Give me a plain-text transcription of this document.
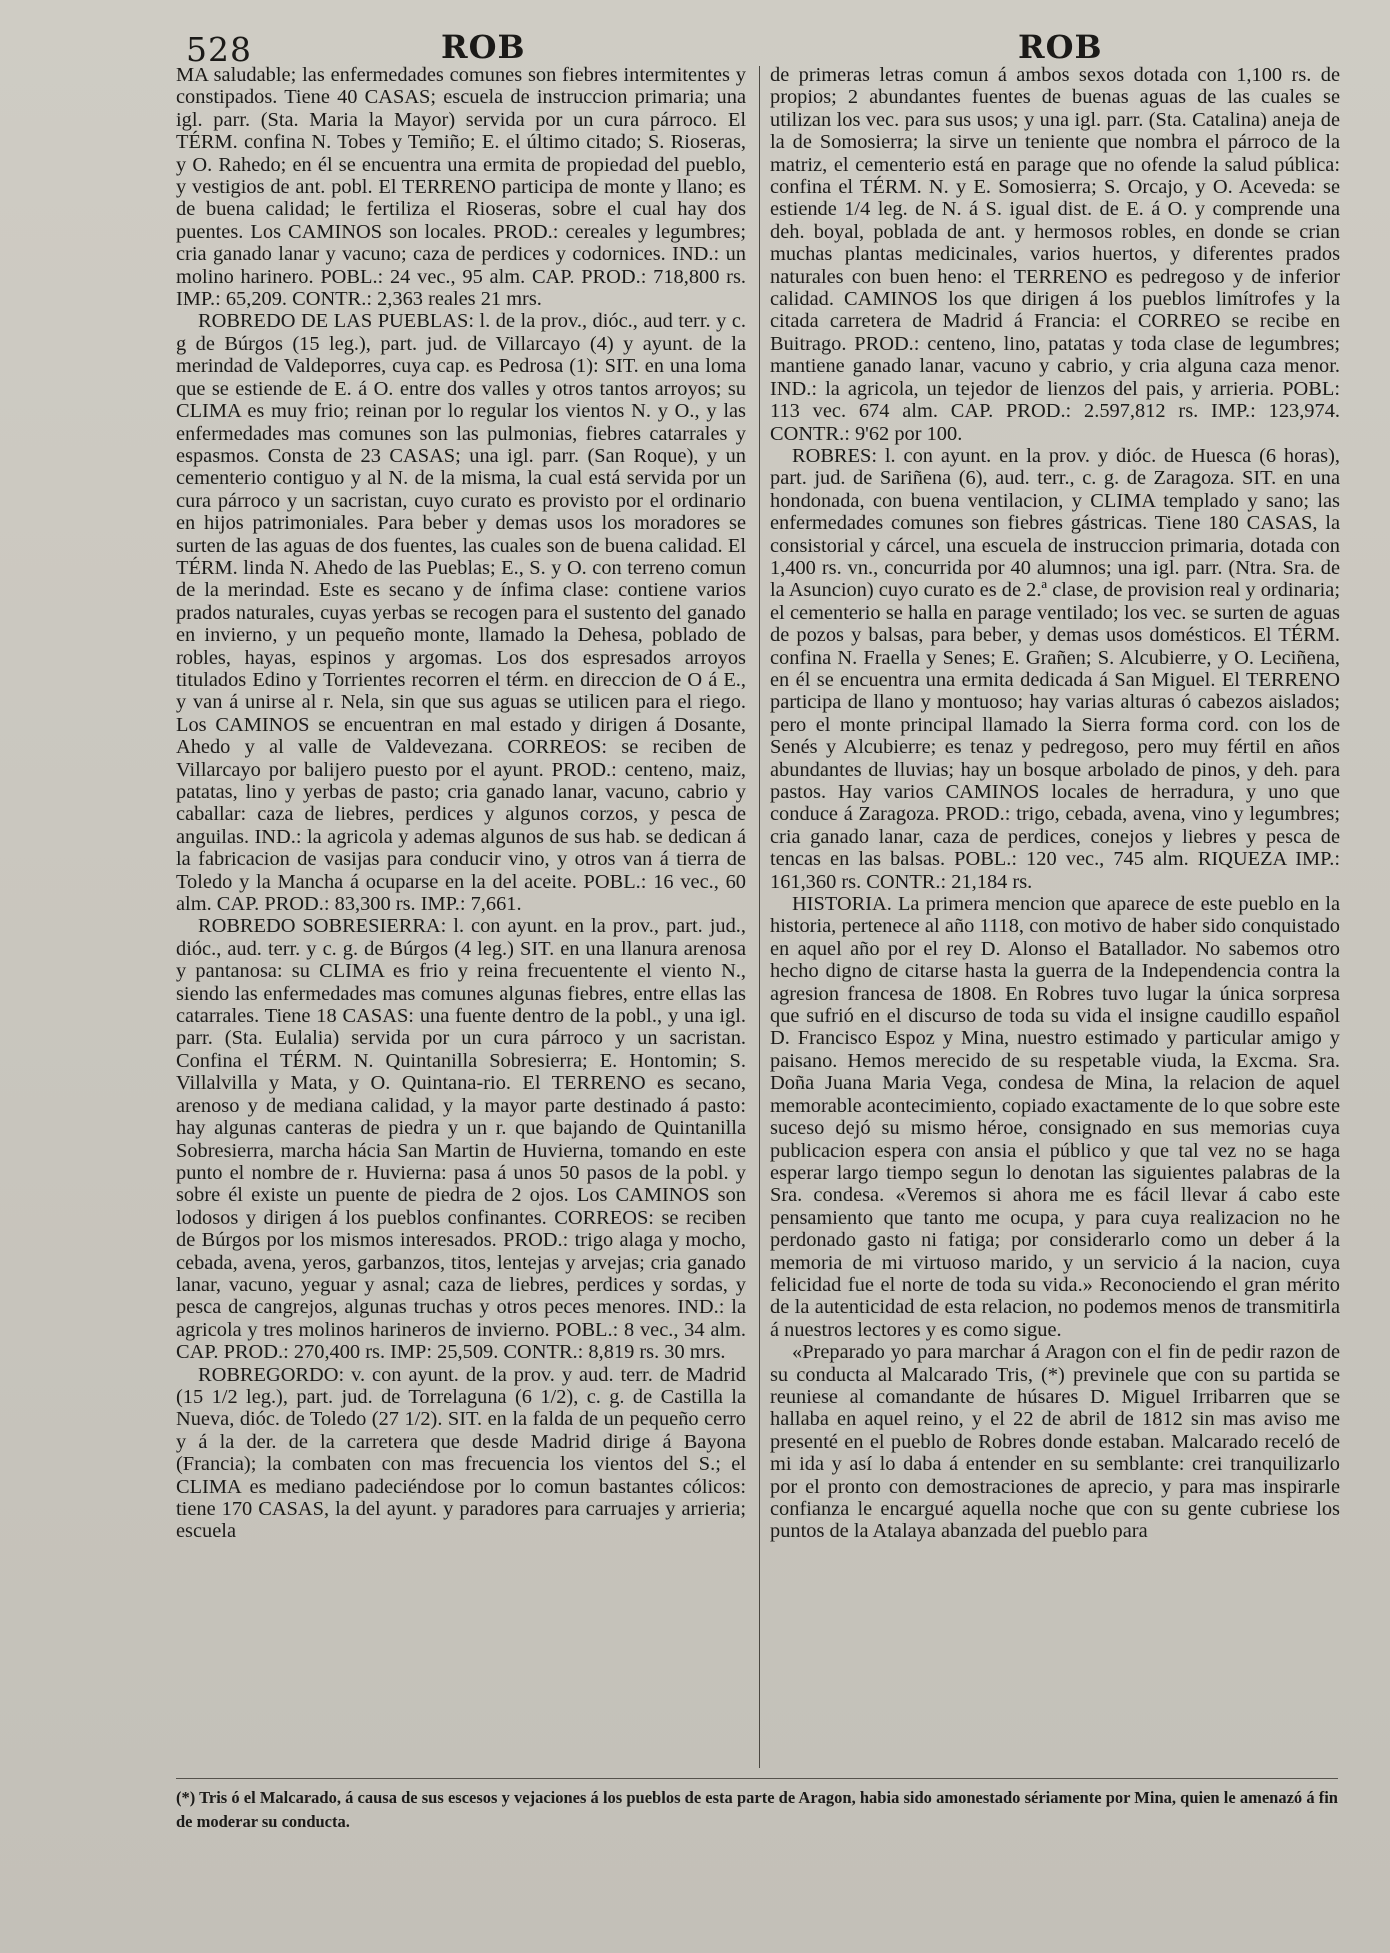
528	ROB	ROB

MA saludable; las enfermedades comunes son fiebres intermitentes y constipados. Tiene 40 CASAS; escuela de instruccion primaria; una igl. parr. (Sta. Maria la Mayor) servida por un cura párroco. El TÉRM. confina N. Tobes y Temiño; E. el último citado; S. Rioseras, y O. Rahedo; en él se encuentra una ermita de propiedad del pueblo, y vestigios de ant. pobl. El TERRENO participa de monte y llano; es de buena calidad; le fertiliza el Rioseras, sobre el cual hay dos puentes. Los CAMINOS son locales. PROD.: cereales y legumbres; cria ganado lanar y vacuno; caza de perdices y codornices. IND.: un molino harinero. POBL.: 24 vec., 95 alm. CAP. PROD.: 718,800 rs. IMP.: 65,209. CONTR.: 2,363 reales 21 mrs.

ROBREDO DE LAS PUEBLAS: l. de la prov., dióc., aud terr. y c. g de Búrgos (15 leg.), part. jud. de Villarcayo (4) y ayunt. de la merindad de Valdeporres, cuya cap. es Pedrosa (1): SIT. en una loma que se estiende de E. á O. entre dos valles y otros tantos arroyos; su CLIMA es muy frio; reinan por lo regular los vientos N. y O., y las enfermedades mas comunes son las pulmonias, fiebres catarrales y espasmos. Consta de 23 CASAS; una igl. parr. (San Roque), y un cementerio contiguo y al N. de la misma, la cual está servida por un cura párroco y un sacristan, cuyo curato es provisto por el ordinario en hijos patrimoniales. Para beber y demas usos los moradores se surten de las aguas de dos fuentes, las cuales son de buena calidad. El TÉRM. linda N. Ahedo de las Pueblas; E., S. y O. con terreno comun de la merindad. Este es secano y de ínfima clase: contiene varios prados naturales, cuyas yerbas se recogen para el sustento del ganado en invierno, y un pequeño monte, llamado la Dehesa, poblado de robles, hayas, espinos y argomas. Los dos espresados arroyos titulados Edino y Torrientes recorren el térm. en direccion de O á E., y van á unirse al r. Nela, sin que sus aguas se utilicen para el riego. Los CAMINOS se encuentran en mal estado y dirigen á Dosante, Ahedo y al valle de Valdevezana. CORREOS: se reciben de Villarcayo por balijero puesto por el ayunt. PROD.: centeno, maiz, patatas, lino y yerbas de pasto; cria ganado lanar, vacuno, cabrio y caballar: caza de liebres, perdices y algunos corzos, y pesca de anguilas. IND.: la agricola y ademas algunos de sus hab. se dedican á la fabricacion de vasijas para conducir vino, y otros van á tierra de Toledo y la Mancha á ocuparse en la del aceite. POBL.: 16 vec., 60 alm. CAP. PROD.: 83,300 rs. IMP.: 7,661.

ROBREDO SOBRESIERRA: l. con ayunt. en la prov., part. jud., dióc., aud. terr. y c. g. de Búrgos (4 leg.) SIT. en una llanura arenosa y pantanosa: su CLIMA es frio y reina frecuentente el viento N., siendo las enfermedades mas comunes algunas fiebres, entre ellas las catarrales. Tiene 18 CASAS: una fuente dentro de la pobl., y una igl. parr. (Sta. Eulalia) servida por un cura párroco y un sacristan. Confina el TÉRM. N. Quintanilla Sobresierra; E. Hontomin; S. Villalvilla y Mata, y O. Quintana-rio. El TERRENO es secano, arenoso y de mediana calidad, y la mayor parte destinado á pasto: hay algunas canteras de piedra y un r. que bajando de Quintanilla Sobresierra, marcha hácia San Martin de Huvierna, tomando en este punto el nombre de r. Huvierna: pasa á unos 50 pasos de la pobl. y sobre él existe un puente de piedra de 2 ojos. Los CAMINOS son lodosos y dirigen á los pueblos confinantes. CORREOS: se reciben de Búrgos por los mismos interesados. PROD.: trigo alaga y mocho, cebada, avena, yeros, garbanzos, titos, lentejas y arvejas; cria ganado lanar, vacuno, yeguar y asnal; caza de liebres, perdices y sordas, y pesca de cangrejos, algunas truchas y otros peces menores. IND.: la agricola y tres molinos harineros de invierno. POBL.: 8 vec., 34 alm. CAP. PROD.: 270,400 rs. IMP: 25,509. CONTR.: 8,819 rs. 30 mrs.

ROBREGORDO: v. con ayunt. de la prov. y aud. terr. de Madrid (15 1/2 leg.), part. jud. de Torrelaguna (6 1/2), c. g. de Castilla la Nueva, dióc. de Toledo (27 1/2). SIT. en la falda de un pequeño cerro y á la der. de la carretera que desde Madrid dirige á Bayona (Francia); la combaten con mas frecuencia los vientos del S.; el CLIMA es mediano padeciéndose por lo comun bastantes cólicos: tiene 170 CASAS, la del ayunt. y paradores para carruajes y arrieria; escuela

de primeras letras comun á ambos sexos dotada con 1,100 rs. de propios; 2 abundantes fuentes de buenas aguas de las cuales se utilizan los vec. para sus usos; y una igl. parr. (Sta. Catalina) aneja de la de Somosierra; la sirve un teniente que nombra el párroco de la matriz, el cementerio está en parage que no ofende la salud pública: confina el TÉRM. N. y E. Somosierra; S. Orcajo, y O. Aceveda: se estiende 1/4 leg. de N. á S. igual dist. de E. á O. y comprende una deh. boyal, poblada de ant. y hermosos robles, en donde se crian muchas plantas medicinales, varios huertos, y diferentes prados naturales con buen heno: el TERRENO es pedregoso y de inferior calidad. CAMINOS los que dirigen á los pueblos limítrofes y la citada carretera de Madrid á Francia: el CORREO se recibe en Buitrago. PROD.: centeno, lino, patatas y toda clase de legumbres; mantiene ganado lanar, vacuno y cabrio, y cria alguna caza menor. IND.: la agricola, un tejedor de lienzos del pais, y arrieria. POBL: 113 vec. 674 alm. CAP. PROD.: 2.597,812 rs. IMP.: 123,974. CONTR.: 9'62 por 100.

ROBRES: l. con ayunt. en la prov. y dióc. de Huesca (6 horas), part. jud. de Sariñena (6), aud. terr., c. g. de Zaragoza. SIT. en una hondonada, con buena ventilacion, y CLIMA templado y sano; las enfermedades comunes son fiebres gástricas. Tiene 180 CASAS, la consistorial y cárcel, una escuela de instruccion primaria, dotada con 1,400 rs. vn., concurrida por 40 alumnos; una igl. parr. (Ntra. Sra. de la Asuncion) cuyo curato es de 2.ª clase, de provision real y ordinaria; el cementerio se halla en parage ventilado; los vec. se surten de aguas de pozos y balsas, para beber, y demas usos domésticos. El TÉRM. confina N. Fraella y Senes; E. Grañen; S. Alcubierre, y O. Leciñena, en él se encuentra una ermita dedicada á San Miguel. El TERRENO participa de llano y montuoso; hay varias alturas ó cabezos aislados; pero el monte principal llamado la Sierra forma cord. con los de Senés y Alcubierre; es tenaz y pedregoso, pero muy fértil en años abundantes de lluvias; hay un bosque arbolado de pinos, y deh. para pastos. Hay varios CAMINOS locales de herradura, y uno que conduce á Zaragoza. PROD.: trigo, cebada, avena, vino y legumbres; cria ganado lanar, caza de perdices, conejos y liebres y pesca de tencas en las balsas. POBL.: 120 vec., 745 alm. RIQUEZA IMP.: 161,360 rs. CONTR.: 21,184 rs.

HISTORIA. La primera mencion que aparece de este pueblo en la historia, pertenece al año 1118, con motivo de haber sido conquistado en aquel año por el rey D. Alonso el Batallador. No sabemos otro hecho digno de citarse hasta la guerra de la Independencia contra la agresion francesa de 1808. En Robres tuvo lugar la única sorpresa que sufrió en el discurso de toda su vida el insigne caudillo español D. Francisco Espoz y Mina, nuestro estimado y particular amigo y paisano. Hemos merecido de su respetable viuda, la Excma. Sra. Doña Juana Maria Vega, condesa de Mina, la relacion de aquel memorable acontecimiento, copiado exactamente de lo que sobre este suceso dejó su mismo héroe, consignado en sus memorias cuya publicacion espera con ansia el público y que tal vez no se haga esperar largo tiempo segun lo denotan las siguientes palabras de la Sra. condesa. «Veremos si ahora me es fácil llevar á cabo este pensamiento que tanto me ocupa, y para cuya realizacion no he perdonado gasto ni fatiga; por considerarlo como un deber á la memoria de mi virtuoso marido, y un servicio á la nacion, cuya felicidad fue el norte de toda su vida.» Reconociendo el gran mérito de la autenticidad de esta relacion, no podemos menos de transmitirla á nuestros lectores y es como sigue.

«Preparado yo para marchar á Aragon con el fin de pedir razon de su conducta al Malcarado Tris, (*) previnele que con su partida se reuniese al comandante de húsares D. Miguel Irribarren que se hallaba en aquel reino, y el 22 de abril de 1812 sin mas aviso me presenté en el pueblo de Robres donde estaban. Malcarado receló de mi ida y así lo daba á entender en su semblante: crei tranquilizarlo por el pronto con demostraciones de aprecio, y para mas inspirarle confianza le encargué aquella noche que con su gente cubriese los puntos de la Atalaya abanzada del pueblo para

(*) Tris ó el Malcarado, á causa de sus escesos y vejaciones á los pueblos de esta parte de Aragon, habia sido amonestado sériamente por Mina, quien le amenazó á fin de moderar su conducta.
